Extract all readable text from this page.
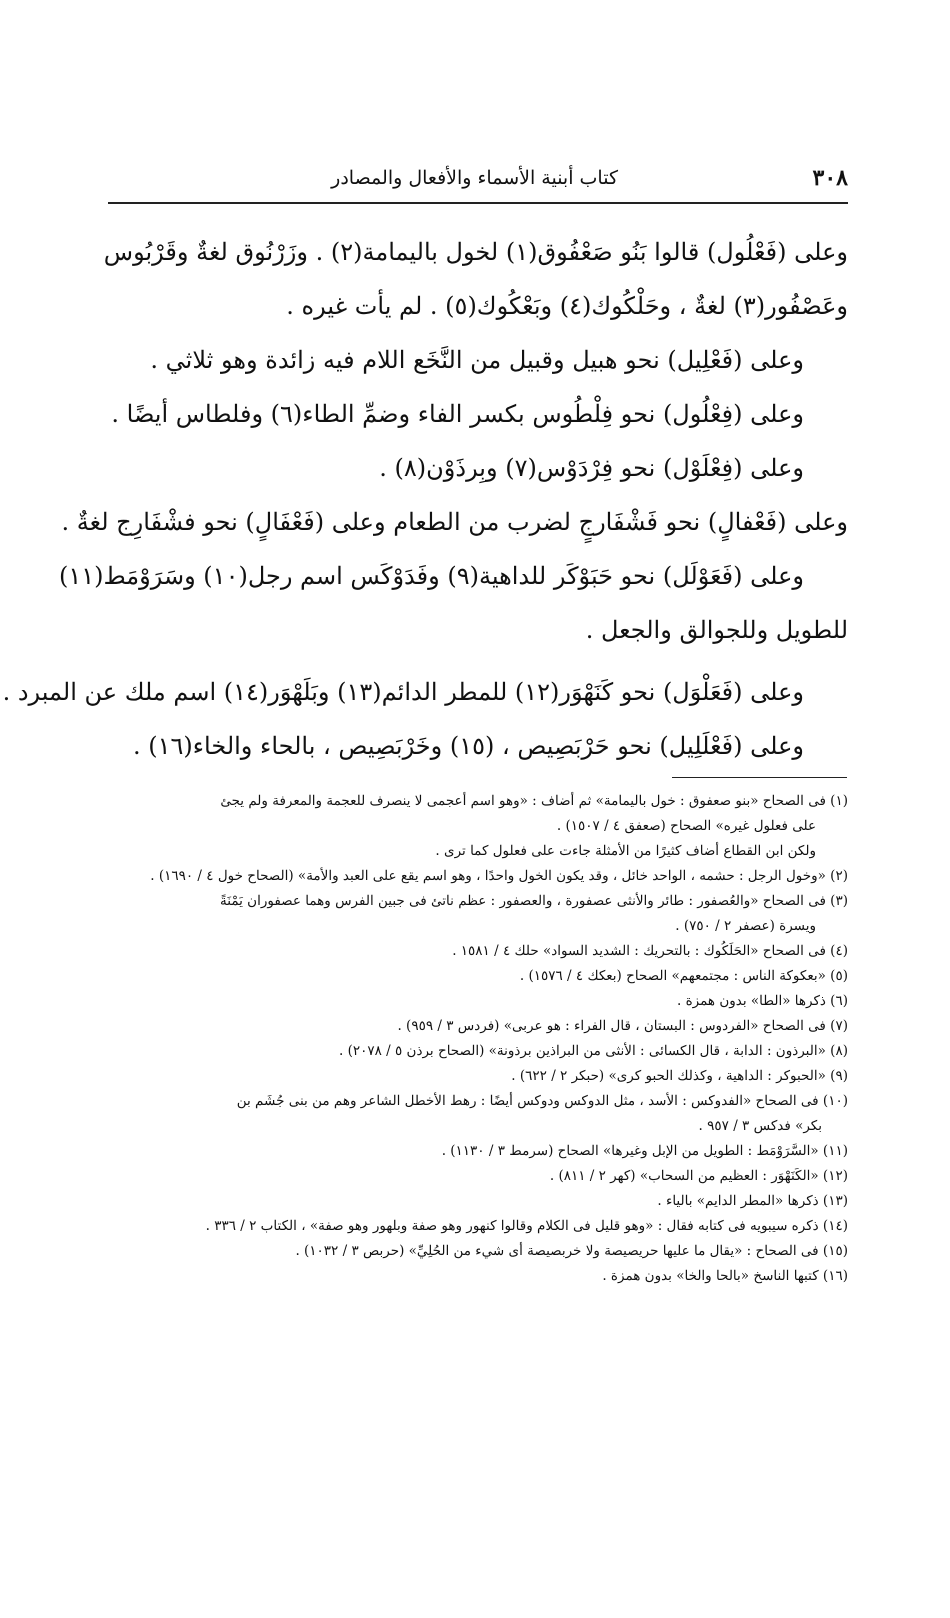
٣٠٨
كتاب أبنية الأسماء والأفعال والمصادر

وعلى (فَعْلُول) قالوا بَنُو صَعْفُوق(١) لخول باليمامة(٢) . وزَرْنُوق لغةٌ وقَرْبُوس

وعَصْفُور(٣) لغةٌ ، وحَلْكُوك(٤) وبَعْكُوك(٥) . لم يأت غيره .

وعلى (فَعْلِيل) نحو هبيل وقبيل من النَّخَع اللام فيه زائدة وهو ثلاثي .

وعلى (فِعْلُول) نحو فِلْطُوس بكسر الفاء وضمِّ الطاء(٦) وفلطاس أيضًا .

وعلى (فِعْلَوْل) نحو فِرْدَوْس(٧) وبِرذَوْن(٨) .

وعلى (فَعْفالٍ) نحو فَشْفَارجٍ لضرب من الطعام وعلى (فَعْفَالٍ) نحو فشْفَارِج لغةٌ .

وعلى (فَعَوْلَل) نحو حَبَوْكَر للداهية(٩) وفَدَوْكَس اسم رجل(١٠) وسَرَوْمَط(١١)

للطويل وللجوالق والجعل .

وعلى (فَعَلْوَل) نحو كَنَهْوَر(١٢) للمطر الدائم(١٣) وبَلَهْوَر(١٤) اسم ملك عن المبرد .

وعلى (فَعْلَلِيل) نحو حَرْبَصِيص ، (١٥) وخَرْبَصِيص ، بالحاء والخاء(١٦) .

(١) فى الصحاح «بنو صعفوق : خول باليمامة» ثم أضاف : «وهو اسم أعجمى لا ينصرف للعجمة والمعرفة ولم يجئ
على فعلول غيره» الصحاح (صعفق ٤ / ١٥٠٧) .
ولكن ابن القطاع أضاف كثيرًا من الأمثلة جاءت على فعلول كما ترى .
(٢) «وخول الرجل : حشمه ، الواحد خائل ، وقد يكون الخول واحدًا ، وهو اسم يقع على العبد والأمة» (الصحاح خول ٤ / ١٦٩٠) .
(٣) فى الصحاح «والعُصفور : طائر والأنثى عصفورة ، والعصفور : عظم ناتئ فى جبين الفرس وهما عصفوران يَمْنَةً
ويسرة (عصفر ٢ / ٧٥٠) .
(٤) فى الصحاح «الحَلَكُوك : بالتحريك : الشديد السواد» حلك ٤ / ١٥٨١ .
(٥) «بعكوكة الناس : مجتمعهم» الصحاح (بعكك ٤ / ١٥٧٦) .
(٦) ذكرها «الطا» بدون همزة .
(٧) فى الصحاح «الفردوس : البستان ، قال الفراء : هو عربى» (فردس ٣ / ٩٥٩) .
(٨) «البرذون : الدابة ، قال الكسائى : الأنثى من البراذين برذونة» (الصحاح برذن ٥ / ٢٠٧٨) .
(٩) «الحبوكر : الداهية ، وكذلك الحبو كرى» (حبكر ٢ / ٦٢٢) .
(١٠) فى الصحاح «الفدوكس : الأسد ، مثل الدوكس ودوكس أيضًا : رهط الأخطل الشاعر وهم من بنى جُشَم بن
بكر» فدكس ٣ / ٩٥٧ .
(١١) «السَّرَوْمَط : الطويل من الإبل وغيرها» الصحاح (سرمط ٣ / ١١٣٠) .
(١٢) «الكَنَهْوَر : العظيم من السحاب» (كهر ٢ / ٨١١) .
(١٣) ذكرها «المطر الدايم» بالياء .
(١٤) ذكره سيبويه فى كتابه فقال : «وهو قليل فى الكلام وقالوا كنهور وهو صفة وبلهور وهو صفة» ، الكتاب ٢ / ٣٣٦ .
(١٥) فى الصحاح : «يقال ما عليها حريصيصة ولا خربصيصة أى شيء من الحُلِيِّ» (حربص ٣ / ١٠٣٢) .
(١٦) كتبها الناسخ «بالحا والخا» بدون همزة .
